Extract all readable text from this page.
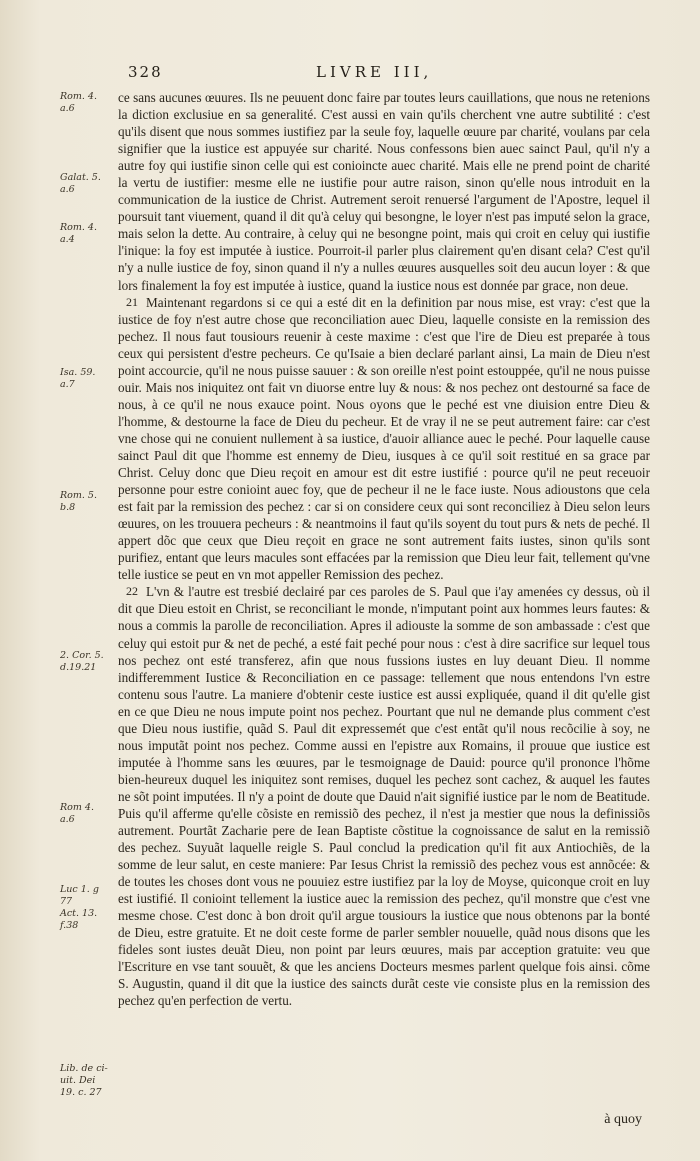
328	LIVRE III,
Rom. 4.
a.6
Galat. 5.
a.6
Rom. 4.
a.4
Isa. 59.
a.7
Rom. 5.
b.8
2. Cor. 5.
d.19.21
Rom 4.
a.6
Luc 1. g
77
Act. 13.
f.38
Lib. de ci-
uit. Dei
19. c. 27

ce sans aucunes œuures. Ils ne peuuent donc faire par toutes leurs cauillations, que nous ne retenions la diction exclusiue en sa generalité. C'est aussi en vain qu'ils cherchent vne autre subtilité : c'est qu'ils disent que nous sommes iustifiez par la seule foy, laquelle œuure par charité, voulans par cela signifier que la iustice est appuyée sur charité. Nous confessons bien auec sainct Paul, qu'il n'y a autre foy qui iustifie sinon celle qui est conioincte auec charité. Mais elle ne prend point de charité la vertu de iustifier: mesme elle ne iustifie pour autre raison, sinon qu'elle nous introduit en la communication de la iustice de Christ. Autrement seroit renuersé l'argument de l'Apostre, lequel il poursuit tant viuement, quand il dit qu'à celuy qui besongne, le loyer n'est pas imputé selon la grace, mais selon la dette. Au contraire, à celuy qui ne besongne point, mais qui croit en celuy qui iustifie l'inique: la foy est imputée à iustice. Pourroit-il parler plus clairement qu'en disant cela? C'est qu'il n'y a nulle iustice de foy, sinon quand il n'y a nulles œuures ausquelles soit deu aucun loyer : & que lors finalement la foy est imputée à iustice, quand la iustice nous est donnée par grace, non deue.

21 Maintenant regardons si ce qui a esté dit en la definition par nous mise, est vray: c'est que la iustice de foy n'est autre chose que reconciliation auec Dieu, laquelle consiste en la remission des pechez. Il nous faut tousiours reuenir à ceste maxime : c'est que l'ire de Dieu est preparée à tous ceux qui persistent d'estre pecheurs. Ce qu'Isaie a bien declaré parlant ainsi, La main de Dieu n'est point accourcie, qu'il ne nous puisse sauuer : & son oreille n'est point estouppée, qu'il ne nous puisse ouir. Mais nos iniquitez ont fait vn diuorse entre luy & nous: & nos pechez ont destourné sa face de nous, à ce qu'il ne nous exauce point. Nous oyons que le peché est vne diuision entre Dieu & l'homme, & destourne la face de Dieu du pecheur. Et de vray il ne se peut autrement faire: car c'est vne chose qui ne conuient nullement à sa iustice, d'auoir alliance auec le peché. Pour laquelle cause sainct Paul dit que l'homme est ennemy de Dieu, iusques à ce qu'il soit restitué en sa grace par Christ. Celuy donc que Dieu reçoit en amour est dit estre iustifié : pource qu'il ne peut receuoir personne pour estre conioint auec foy, que de pecheur il ne le face iuste. Nous adioustons que cela est fait par la remission des pechez : car si on considere ceux qui sont reconciliez à Dieu selon leurs œuures, on les trouuera pecheurs : & neantmoins il faut qu'ils soyent du tout purs & nets de peché. Il appert dõc que ceux que Dieu reçoit en grace ne sont autrement faits iustes, sinon qu'ils sont purifiez, entant que leurs macules sont effacées par la remission que Dieu leur fait, tellement qu'vne telle iustice se peut en vn mot appeller Remission des pechez.

22 L'vn & l'autre est tresbié declairé par ces paroles de S. Paul que i'ay amenées cy dessus, où il dit que Dieu estoit en Christ, se reconciliant le monde, n'imputant point aux hommes leurs fautes: & nous a commis la parolle de reconciliation. Apres il adiouste la somme de son ambassade : c'est que celuy qui estoit pur & net de peché, a esté fait peché pour nous : c'est à dire sacrifice sur lequel tous nos pechez ont esté transferez, afin que nous fussions iustes en luy deuant Dieu. Il nomme indifferemment Iustice & Reconciliation en ce passage: tellement que nous entendons l'vn estre contenu sous l'autre. La maniere d'obtenir ceste iustice est aussi expliquée, quand il dit qu'elle gist en ce que Dieu ne nous impute point nos pechez. Pourtant que nul ne demande plus comment c'est que Dieu nous iustifie, quãd S. Paul dit expressemét que c'est entãt qu'il nous recõcilie à soy, ne nous imputãt point nos pechez. Comme aussi en l'epistre aux Romains, il prouue que iustice est imputée à l'homme sans les œuures, par le tesmoignage de Dauid: pource qu'il prononce l'hõme bien-heureux duquel les iniquitez sont remises, duquel les pechez sont cachez, & auquel les fautes ne sõt point imputées. Il n'y a point de doute que Dauid n'ait signifié iustice par le nom de Beatitude. Puis qu'il afferme qu'elle cõsiste en remissiõ des pechez, il n'est ja mestier que nous la definissiõs autrement. Pourtãt Zacharie pere de Iean Baptiste cõstitue la cognoissance de salut en la remissiõ des pechez. Suyuãt laquelle reigle S. Paul conclud la predication qu'il fit aux Antiochiẽs, de la somme de leur salut, en ceste maniere: Par Iesus Christ la remissiõ des pechez vous est annõcée: & de toutes les choses dont vous ne pouuiez estre iustifiez par la loy de Moyse, quiconque croit en luy est iustifié. Il conioint tellement la iustice auec la remission des pechez, qu'il monstre que c'est vne mesme chose. C'est donc à bon droit qu'il argue tousiours la iustice que nous obtenons par la bonté de Dieu, estre gratuite. Et ne doit ceste forme de parler sembler nouuelle, quãd nous disons que les fideles sont iustes deuãt Dieu, non point par leurs œuures, mais par acception gratuite: veu que l'Escriture en vse tant souuẽt, & que les anciens Docteurs mesmes parlent quelque fois ainsi. cõme S. Augustin, quand il dit que la iustice des saincts durãt ceste vie consiste plus en la remission des pechez qu'en perfection de vertu.

à quoy
